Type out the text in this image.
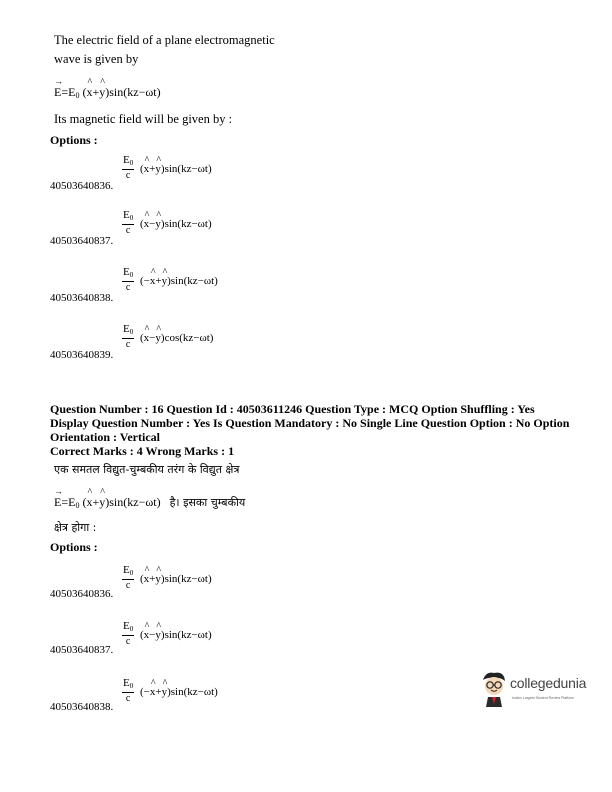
The electric field of a plane electromagnetic
wave is given by
→ E=E0 (^ x+^ y)sin(kz−ωt)
Its magnetic field will be given by :
Options :
$\frac{E0}{c}$ (^ x+^ y)sin(kz−ωt)
40503640836.
$\frac{E0}{c}$ (^ x−^ y)sin(kz−ωt)
40503640837.
$\frac{E0}{c}$ (−^ x+^ y)sin(kz−ωt)
40503640838.
$\frac{E0}{c}$ (^ x−^ y)cos(kz−ωt)
40503640839.
Question Number : 16 Question Id : 40503611246 Question Type : MCQ Option Shuffling : Yes
Display Question Number : Yes Is Question Mandatory : No Single Line Question Option : No Option
Orientation : Vertical
Correct Marks : 4 Wrong Marks : 1
एक समतल विद्युत-चुम्बकीय तरंग के विद्युत क्षेत्र
→ E=E0 (^ x+^ y)sin(kz−ωt) है। इसका चुम्बकीय
क्षेत्र होगा :
Options :
$\frac{E0}{c}$ (^ x+^ y)sin(kz−ωt)
40503640836.
$\frac{E0}{c}$ (^ x−^ y)sin(kz−ωt)
40503640837.
$\frac{E0}{c}$ (−^ x+^ y)sin(kz−ωt)
40503640838.
collegedunia
India's Largest Student Review Platform
